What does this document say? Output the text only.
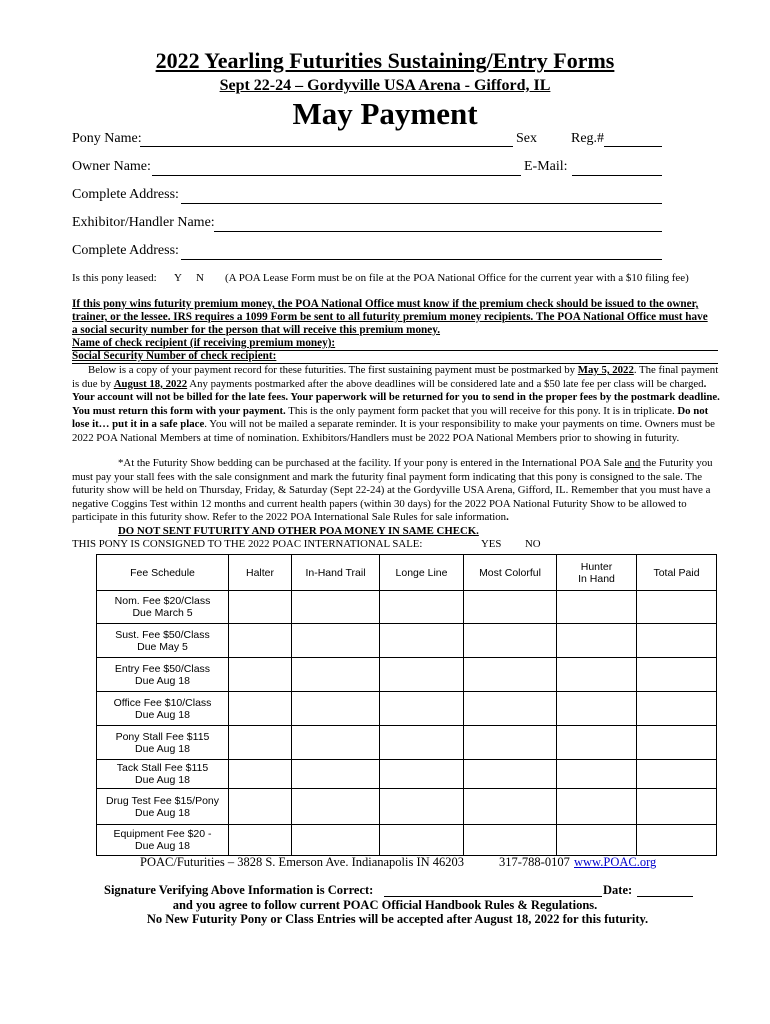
2022 Yearling Futurities Sustaining/Entry Forms
Sept 22-24 – Gordyville USA Arena - Gifford, IL
May Payment
Pony Name:	Sex Reg.#
Owner Name:	E-Mail:
Complete Address:
Exhibitor/Handler Name:
Complete Address:
Is this pony leased: Y N (A POA Lease Form must be on file at the POA National Office for the current year with a $10 filing fee)
If this pony wins futurity premium money, the POA National Office must know if the premium check should be issued to the owner,
trainer, or the lessee. IRS requires a 1099 Form be sent to all futurity premium money recipients. The POA National Office must have
a social security number for the person that will receive this premium money.
Name of check recipient (if receiving premium money):
Social Security Number of check recipient:
Below is a copy of your payment record for these futurities. The first sustaining payment must be postmarked by May 5, 2022. The final payment is due by August 18, 2022 Any payments postmarked after the above deadlines will be considered late and a $50 late fee per class will be charged. Your account will not be billed for the late fees. Your paperwork will be returned for you to send in the proper fees by the postmark deadline. You must return this form with your payment. This is the only payment form packet that you will receive for this pony. It is in triplicate. Do not lose it… put it in a safe place. You will not be mailed a separate reminder. It is your responsibility to make your payments on time. Owners must be 2022 POA National Members at time of nomination. Exhibitors/Handlers must be 2022 POA National Members prior to showing in futurity.
*At the Futurity Show bedding can be purchased at the facility. If your pony is entered in the International POA Sale and the Futurity you must pay your stall fees with the sale consignment and mark the futurity final payment form indicating that this pony is consigned to the sale. The futurity show will be held on Thursday, Friday, & Saturday (Sept 22-24) at the Gordyville USA Arena, Gifford, IL. Remember that you must have a negative Coggins Test within 12 months and current health papers (within 30 days) for the 2022 POA National Futurity Show to be allowed to participate in this futurity show. Refer to the 2022 POA International Sale Rules for sale information.
DO NOT SENT FUTURITY AND OTHER POA MONEY IN SAME CHECK.
THIS PONY IS CONSIGNED TO THE 2022 POAC INTERNATIONAL SALE:	YES NO
Fee Schedule	Halter	In-Hand Trail	Longe Line	Most Colorful	Hunter In Hand	Total Paid

Nom. Fee $20/Class
Due March 5						

Sust. Fee $50/Class
Due May 5						

Entry Fee $50/Class
Due Aug 18						

Office Fee $10/Class
Due Aug 18						

Pony Stall Fee $115
Due Aug 18						

Tack Stall Fee $115
Due Aug 18						

Drug Test Fee $15/Pony
Due Aug 18						

Equipment Fee $20 -
Due Aug 18						

POAC/Futurities – 3828 S. Emerson Ave. Indianapolis IN 46203	317-788-0107 www.POAC.org
Signature Verifying Above Information is Correct:	Date:
and you agree to follow current POAC Official Handbook Rules & Regulations.
No New Futurity Pony or Class Entries will be accepted after August 18, 2022 for this futurity.
